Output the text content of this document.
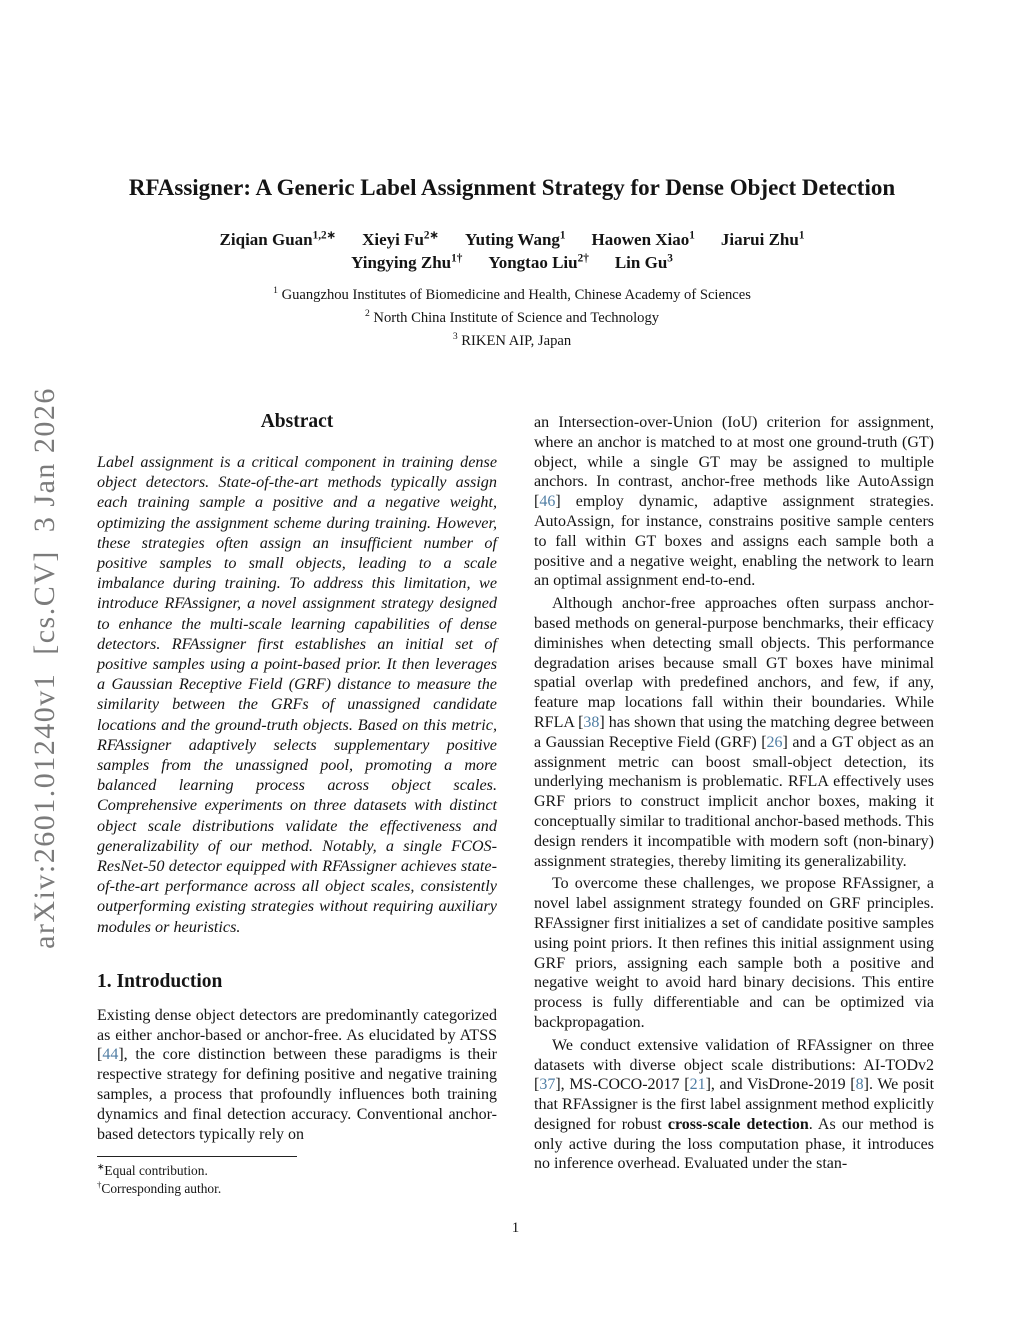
arXiv:2601.01240v1  [cs.CV]  3 Jan 2026
RFAssigner: A Generic Label Assignment Strategy for Dense Object Detection
Ziqian Guan$^{1,2∗}$ Xieyi $Fu^{2∗}$ Yuting Wang$^1$ Haowen Xiao$^1$ Jiarui Zhu$^1$
Yingying Zhu$^{1\dagger}$ Yongtao Liu$^{2\dagger}$ Lin Gu$^3$
$^1$ Guangzhou Institutes of Biomedicine and Health, Chinese Academy of Sciences
$^2$ North China Institute of Science and Technology
$^3$ RIKEN AIP, Japan
Abstract

Label assignment is a critical component in training dense object detectors. State-of-the-art methods typically assign each training sample a positive and a negative weight, optimizing the assignment scheme during training. However, these strategies often assign an insufficient number of positive samples to small objects, leading to a scale imbalance during training. To address this limitation, we introduce RFAssigner, a novel assignment strategy designed to enhance the multi-scale learning capabilities of dense detectors. RFAssigner first establishes an initial set of positive samples using a point-based prior. It then leverages a Gaussian Receptive Field (GRF) distance to measure the similarity between the GRFs of unassigned candidate locations and the ground-truth objects. Based on this metric, RFAssigner adaptively selects supplementary positive samples from the unassigned pool, promoting a more balanced learning process across object scales. Comprehensive experiments on three datasets with distinct object scale distributions validate the effectiveness and generalizability of our method. Notably, a single FCOS-ResNet-50 detector equipped with RFAssigner achieves state-of-the-art performance across all object scales, consistently outperforming existing strategies without requiring auxiliary modules or heuristics.

1. Introduction

Existing dense object detectors are predominantly categorized as either anchor-based or anchor-free. As elucidated by ATSS [44], the core distinction between these paradigms is their respective strategy for defining positive and negative training samples, a process that profoundly influences both training dynamics and final detection accuracy. Conventional anchor-based detectors typically rely on

∗Equal contribution.
†Corresponding author.

an Intersection-over-Union (IoU) criterion for assignment, where an anchor is matched to at most one ground-truth (GT) object, while a single GT may be assigned to multiple anchors. In contrast, anchor-free methods like AutoAssign [46] employ dynamic, adaptive assignment strategies. AutoAssign, for instance, constrains positive sample centers to fall within GT boxes and assigns each sample both a positive and a negative weight, enabling the network to learn an optimal assignment end-to-end.

Although anchor-free approaches often surpass anchor-based methods on general-purpose benchmarks, their efficacy diminishes when detecting small objects. This performance degradation arises because small GT boxes have minimal spatial overlap with predefined anchors, and few, if any, feature map locations fall within their boundaries. While RFLA [38] has shown that using the matching degree between a Gaussian Receptive Field (GRF) [26] and a GT object as an assignment metric can boost small-object detection, its underlying mechanism is problematic. RFLA effectively uses GRF priors to construct implicit anchor boxes, making it conceptually similar to traditional anchor-based methods. This design renders it incompatible with modern soft (non-binary) assignment strategies, thereby limiting its generalizability.

To overcome these challenges, we propose RFAssigner, a novel label assignment strategy founded on GRF principles. RFAssigner first initializes a set of candidate positive samples using point priors. It then refines this initial assignment using GRF priors, assigning each sample both a positive and negative weight to avoid hard binary decisions. This entire process is fully differentiable and can be optimized via backpropagation.

We conduct extensive validation of RFAssigner on three datasets with diverse object scale distributions: AI-TODv2 [37], MS-COCO-2017 [21], and VisDrone-2019 [8]. We posit that RFAssigner is the first label assignment method explicitly designed for robust cross-scale detection. As our method is only active during the loss computation phase, it introduces no inference overhead. Evaluated under the stan-

1
